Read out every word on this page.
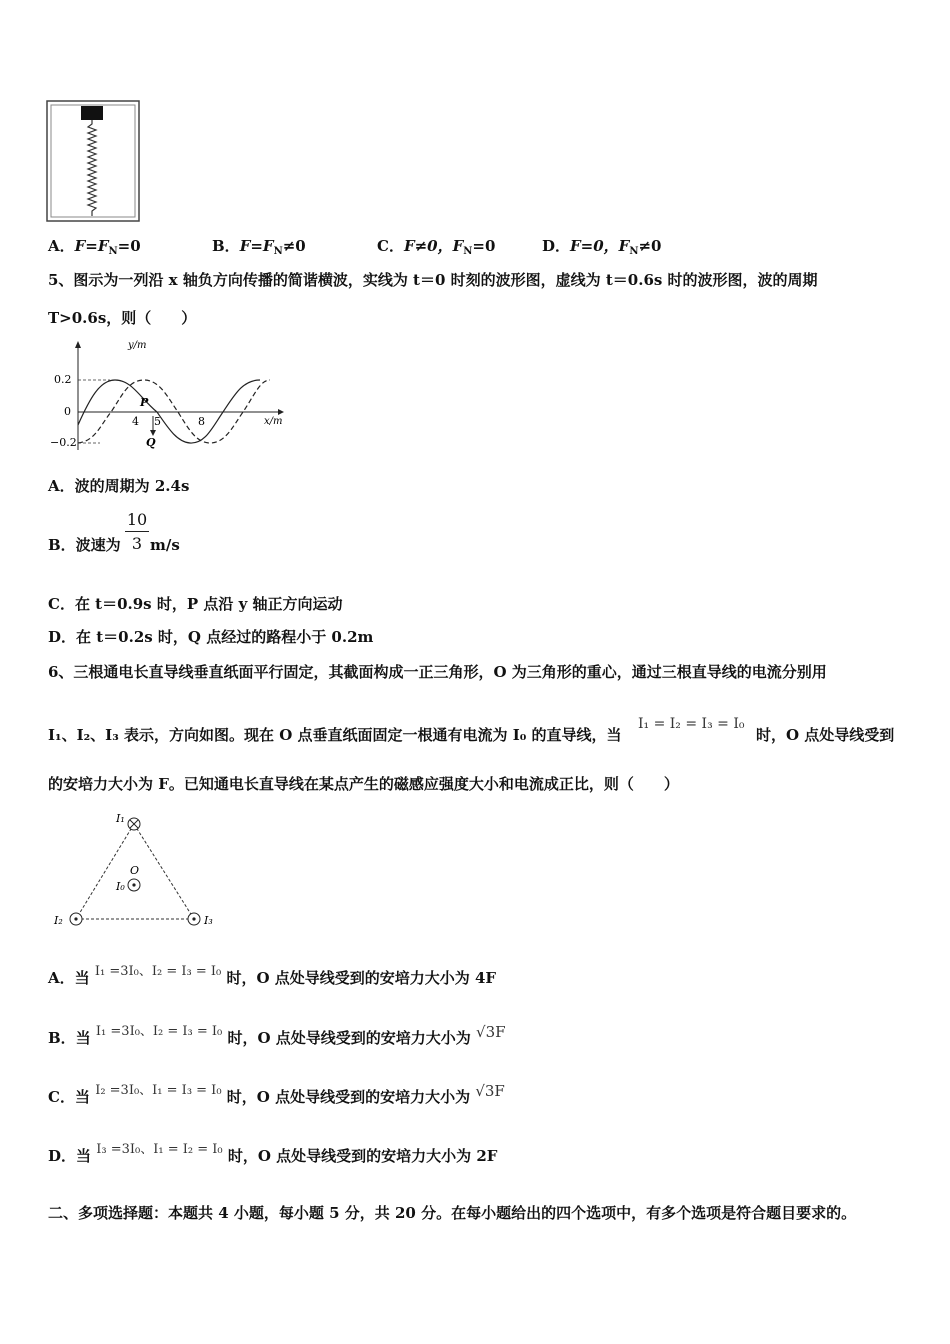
A．$F=F_N=0$	B．$F=F_N\ne 0$	C．F≠0，$F_N=0$	D．F=0，$F_N\ne 0$
5、图示为一列沿 x 轴负方向传播的简谐横波，实线为 t＝0 时刻的波形图，虚线为 t＝0.6s 时的波形图，波的周期
T>0.6s，则（　　）
y/m
x/m
0.2
0
−0.2
4 5	8
P
Q
A．波的周期为 2.4s
B．波速为
10
3 m/s
C．在 t＝0.9s 时，P 点沿 y 轴正方向运动
D．在 t＝0.2s 时，Q 点经过的路程小于 0.2m
6、三根通电长直导线垂直纸面平行固定，其截面构成一正三角形，O 为三角形的重心，通过三根直导线的电流分别用
I₁、I₂、I₃ 表示，方向如图。现在 O 点垂直纸面固定一根通有电流为 I₀ 的直导线，当
I₁ = I₂ = I₃ = I₀
时，O 点处导线受到
的安培力大小为 F。已知通电长直导线在某点产生的磁感应强度大小和电流成正比，则（　　）
I₁
I₂	I₃
O
I₀
A．当 I₁ =3I₀、I₂ = I₃ = I₀ 时，O 点处导线受到的安培力大小为 4F
B．当 I₁ =3I₀、I₂ = I₃ = I₀ 时，O 点处导线受到的安培力大小为 √3F
C．当 I₂ =3I₀、I₁ = I₃ = I₀ 时，O 点处导线受到的安培力大小为 √3F
D．当 I₃ =3I₀、I₁ = I₂ = I₀ 时，O 点处导线受到的安培力大小为 2F
二、多项选择题：本题共 4 小题，每小题 5 分，共 20 分。在每小题给出的四个选项中，有多个选项是符合题目要求的。
